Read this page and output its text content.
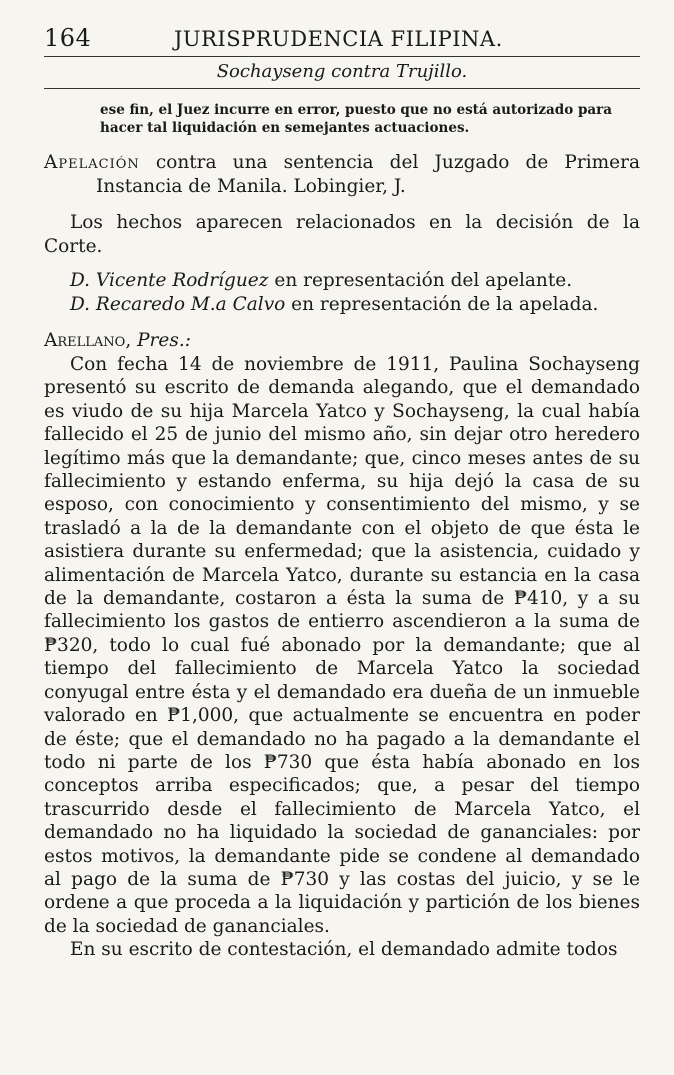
164	JURISPRUDENCIA FILIPINA.
Sochayseng contra Trujillo.
ese fin, el Juez incurre en error, puesto que no está autorizado para hacer tal liquidación en semejantes actuaciones.
Apelación contra una sentencia del Juzgado de Primera Instancia de Manila. Lobingier, J.
Los hechos aparecen relacionados en la decisión de la Corte.
D. Vicente Rodríguez en representación del apelante.
D. Recaredo M.a Calvo en representación de la apelada.
Arellano, Pres.:

Con fecha 14 de noviembre de 1911, Paulina Sochayseng presentó su escrito de demanda alegando, que el demandado es viudo de su hija Marcela Yatco y Sochayseng, la cual había fallecido el 25 de junio del mismo año, sin dejar otro heredero legítimo más que la demandante; que, cinco meses antes de su fallecimiento y estando enferma, su hija dejó la casa de su esposo, con conocimiento y consentimiento del mismo, y se trasladó a la de la demandante con el objeto de que ésta le asistiera durante su enfermedad; que la asistencia, cuidado y alimentación de Marcela Yatco, durante su estancia en la casa de la demandante, costaron a ésta la suma de ₱410, y a su fallecimiento los gastos de entierro ascendieron a la suma de ₱320, todo lo cual fué abonado por la demandante; que al tiempo del fallecimiento de Marcela Yatco la sociedad conyugal entre ésta y el demandado era dueña de un inmueble valorado en ₱1,000, que actualmente se encuentra en poder de éste; que el demandado no ha pagado a la demandante el todo ni parte de los ₱730 que ésta había abonado en los conceptos arriba especificados; que, a pesar del tiempo trascurrido desde el fallecimiento de Marcela Yatco, el demandado no ha liquidado la sociedad de gananciales: por estos motivos, la demandante pide se condene al demandado al pago de la suma de ₱730 y las costas del juicio, y se le ordene a que proceda a la liquidación y partición de los bienes de la sociedad de gananciales.

En su escrito de contestación, el demandado admite todos
